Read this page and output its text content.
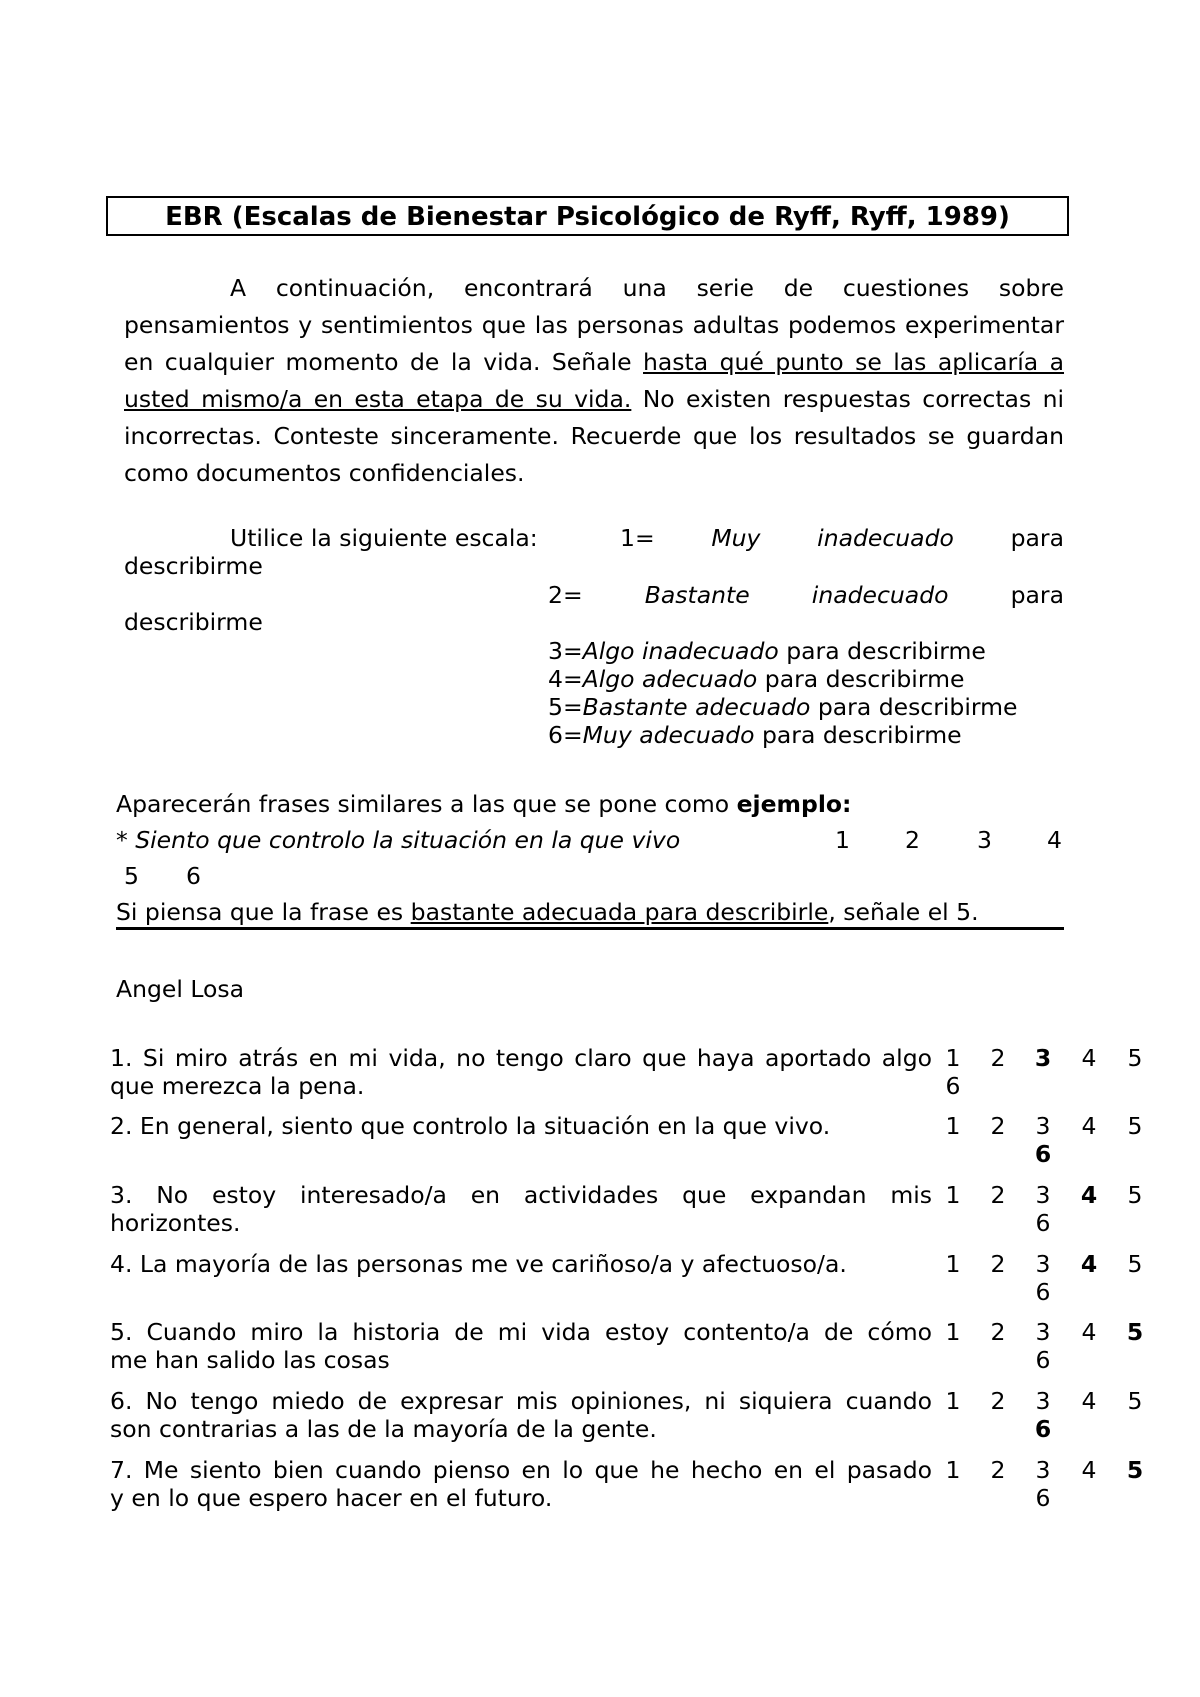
EBR (Escalas de Bienestar Psicológico de Ryff, Ryff, 1989)

A continuación, encontrará una serie de cuestiones sobre pensamientos y sentimientos que las personas adultas podemos experimentar en cualquier momento de la vida. Señale hasta qué punto se las aplicaría a usted mismo/a en esta etapa de su vida. No existen respuestas correctas ni incorrectas. Conteste sinceramente. Recuerde que los resultados se guardan como documentos confidenciales.

Utilice la siguiente escala:	1= Muy inadecuado para
describirme
2=	Bastante	inadecuado	para
describirme
3=Algo inadecuado para describirme
4=Algo adecuado para describirme
5=Bastante adecuado para describirme
6=Muy adecuado para describirme
Aparecerán frases similares a las que se pone como ejemplo:
* Siento que controlo la situación en la que vivo	1 2 3 4
5 6
Si piensa que la frase es bastante adecuada para describirle, señale el 5.
Angel Losa
1. Si miro atrás en mi vida, no tengo claro que haya aportado algo
que merezca la pena.
1 2 3 4 5
6
2. En general, siento que controlo la situación en la que vivo.	1 2 3 4 5
6
3. No estoy interesado/a en actividades que expandan mis
horizontes.
1 2 3 4 5
6
4. La mayoría de las personas me ve cariñoso/a y afectuoso/a.	1 2 3 4 5
6
5. Cuando miro la historia de mi vida estoy contento/a de cómo
me han salido las cosas
1 2 3 4 5
6
6. No tengo miedo de expresar mis opiniones, ni siquiera cuando
son contrarias a las de la mayoría de la gente.
1 2 3 4 5
6
7. Me siento bien cuando pienso en lo que he hecho en el pasado
y en lo que espero hacer en el futuro.
1 2 3 4 5
6
